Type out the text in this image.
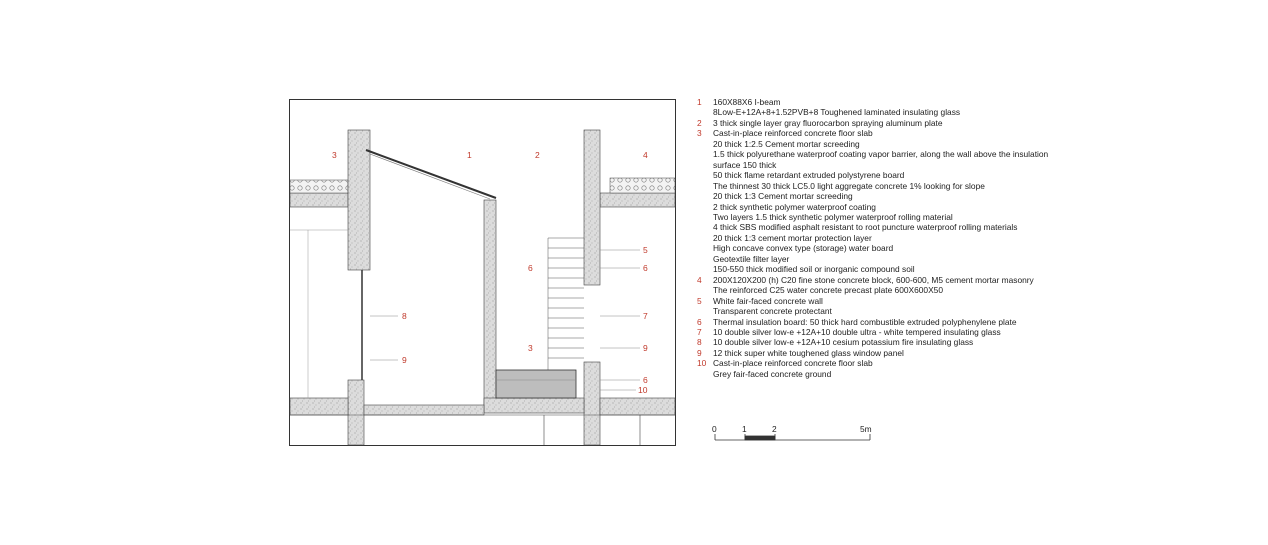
3	1	2	4
5
6	6
8	7
3	9
9
6
10
1	160X88X6 I-beam
8Low-E+12A+8+1.52PVB+8 Toughened laminated insulating glass
2	3 thick single layer gray fluorocarbon spraying aluminum plate
3	Cast-in-place reinforced concrete floor slab
20 thick 1:2.5 Cement mortar screeding
1.5 thick polyurethane waterproof coating vapor barrier, along the wall above the insulation
surface 150 thick
50 thick flame retardant extruded polystyrene board
The thinnest 30 thick LC5.0 light aggregate concrete 1% looking for slope
20 thick 1:3 Cement mortar screeding
2 thick synthetic polymer waterproof coating
Two layers 1.5 thick synthetic polymer waterproof rolling material
4 thick SBS modified asphalt resistant to root puncture waterproof rolling materials
20 thick 1:3 cement mortar protection layer
High concave convex type (storage) water board
Geotextile filter layer
150-550 thick modified soil or inorganic compound soil
4	200X120X200 (h) C20 fine stone concrete block, 600-600, M5 cement mortar masonry
The reinforced C25 water concrete precast plate 600X600X50
5	White fair-faced concrete wall
Transparent concrete protectant
6	Thermal insulation board: 50 thick hard combustible extruded polyphenylene plate
7	10 double silver low-e +12A+10 double ultra - white tempered insulating glass
8	10 double silver low-e +12A+10 cesium potassium fire insulating glass
9	12 thick super white toughened glass window panel
10 Cast-in-place reinforced concrete floor slab
Grey fair-faced concrete ground
0	1	2	5m
